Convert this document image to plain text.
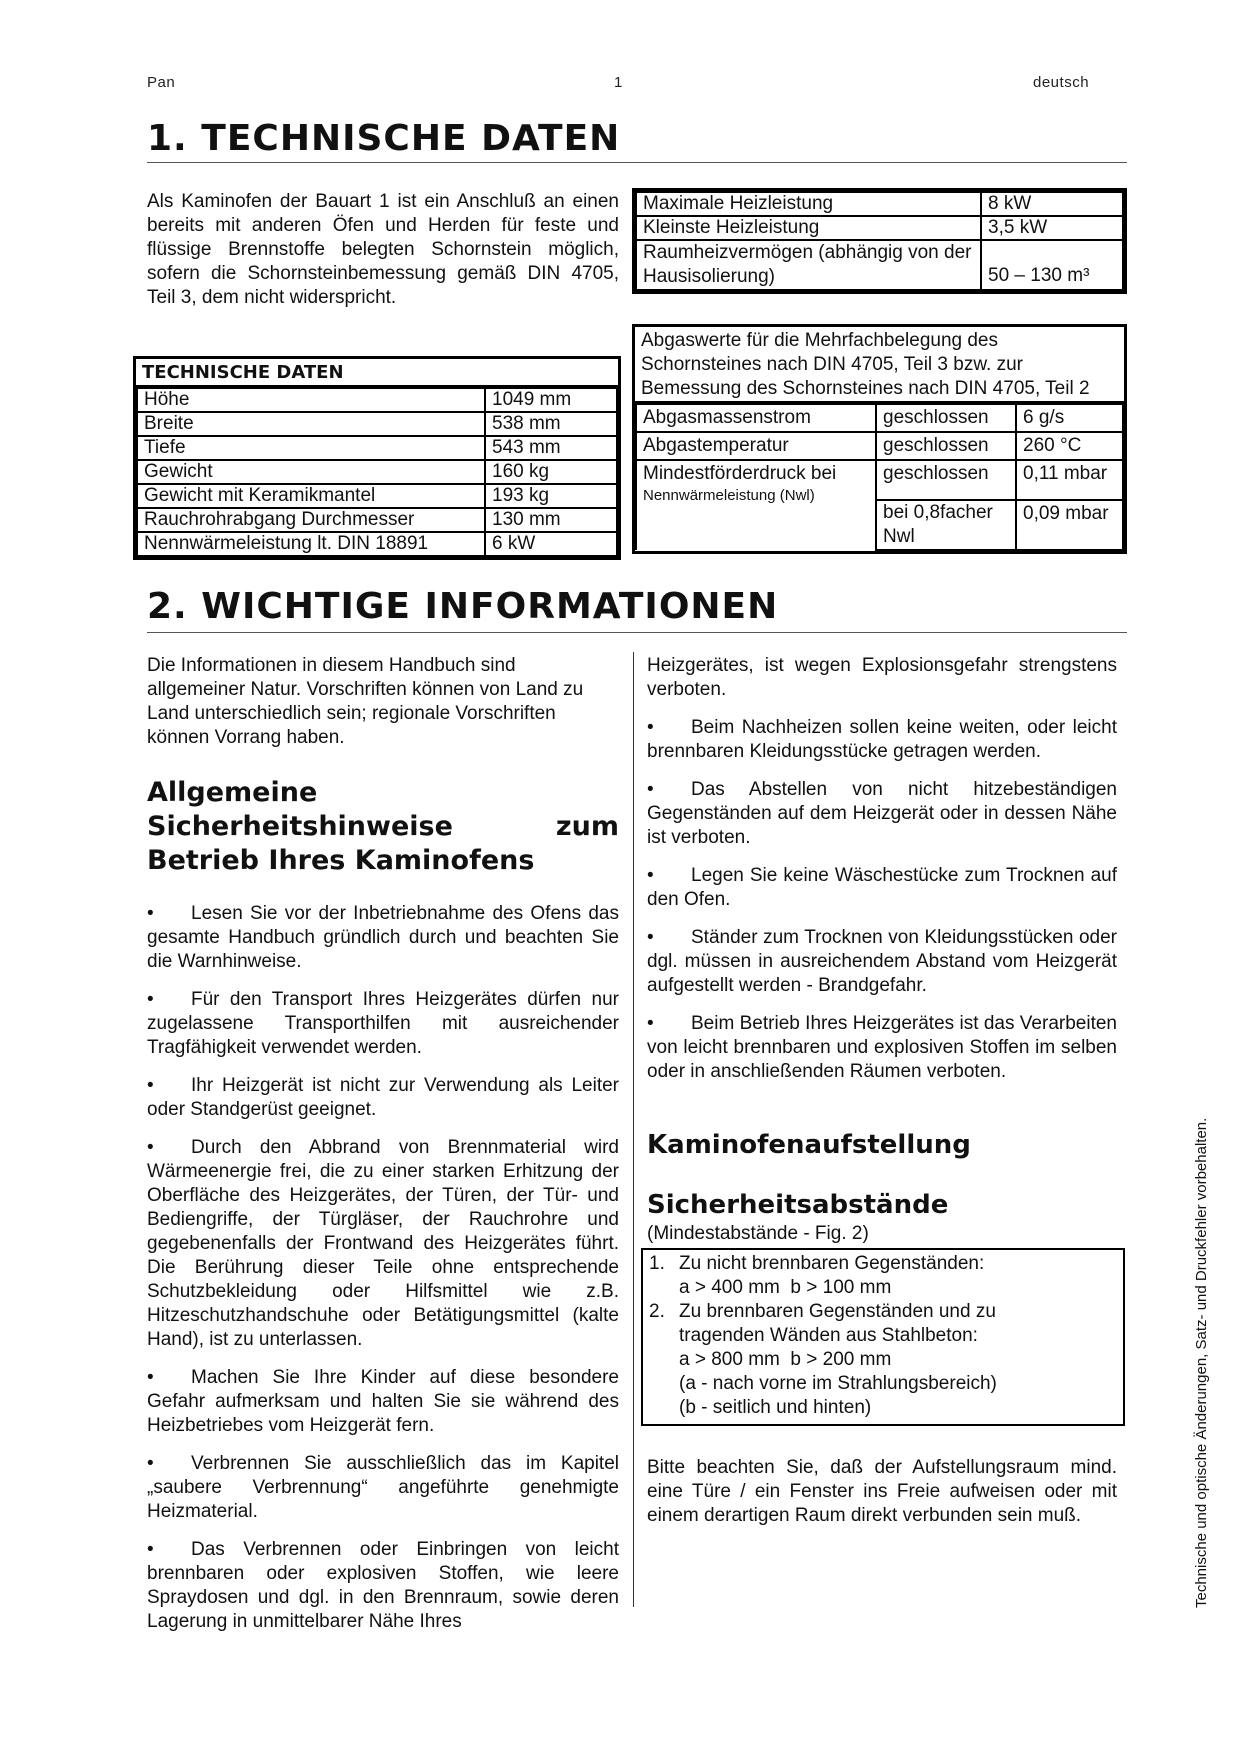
Pan	1	deutsch
1. TECHNISCHE DATEN
Als Kaminofen der Bauart 1 ist ein Anschluß an einen bereits mit anderen Öfen und Herden für feste und flüssige Brennstoffe belegten Schornstein möglich, sofern die Schornsteinbemessung gemäß DIN 4705, Teil 3, dem nicht widerspricht.
TECHNISCHE DATEN
Höhe	1049 mm
Breite	538 mm
Tiefe	543 mm
Gewicht	160 kg
Gewicht mit Keramikmantel	193 kg
Rauchrohrabgang Durchmesser	130 mm
Nennwärmeleistung lt. DIN 18891	6 kW
Maximale Heizleistung	8 kW
Kleinste Heizleistung	3,5 kW
Raumheizvermögen (abhängig von der Hausisolierung)	50 – 130 m³
Abgaswerte für die Mehrfachbelegung des Schornsteines nach DIN 4705, Teil 3 bzw. zur Bemessung des Schornsteines nach DIN 4705, Teil 2
Abgasmassenstrom	geschlossen	6 g/s

Abgastemperatur	geschlossen	260 °C

Mindestförderdruck bei
Nennwärmeleistung (Nwl)	geschlossen	0,11 mbar
	bei 0,8facher Nwl	0,09 mbar
2. WICHTIGE INFORMATIONEN
Die Informationen in diesem Handbuch sind allgemeiner Natur. Vorschriften können von Land zu Land unterschiedlich sein; regionale Vorschriften können Vorrang haben.
Allgemeine Sicherheitshinweise zum Betrieb Ihres Kaminofens
• Lesen Sie vor der Inbetriebnahme des Ofens das gesamte Handbuch gründlich durch und beachten Sie die Warnhinweise.
• Für den Transport Ihres Heizgerätes dürfen nur zugelassene Transporthilfen mit ausreichender Tragfähigkeit verwendet werden.
• Ihr Heizgerät ist nicht zur Verwendung als Leiter oder Standgerüst geeignet.
• Durch den Abbrand von Brennmaterial wird Wärmeenergie frei, die zu einer starken Erhitzung der Oberfläche des Heizgerätes, der Türen, der Tür- und Bediengriffe, der Türgläser, der Rauchrohre und gegebenenfalls der Frontwand des Heizgerätes führt. Die Berührung dieser Teile ohne entsprechende Schutzbekleidung oder Hilfsmittel wie z.B. Hitzeschutzhandschuhe oder Betätigungsmittel (kalte Hand), ist zu unterlassen.
• Machen Sie Ihre Kinder auf diese besondere Gefahr aufmerksam und halten Sie sie während des Heizbetriebes vom Heizgerät fern.
• Verbrennen Sie ausschließlich das im Kapitel „saubere Verbrennung“ angeführte genehmigte Heizmaterial.
• Das Verbrennen oder Einbringen von leicht brennbaren oder explosiven Stoffen, wie leere Spraydosen und dgl. in den Brennraum, sowie deren Lagerung in unmittelbarer Nähe Ihres
Heizgerätes, ist wegen Explosionsgefahr strengstens verboten.
• Beim Nachheizen sollen keine weiten, oder leicht brennbaren Kleidungsstücke getragen werden.
• Das Abstellen von nicht hitzebeständigen Gegenständen auf dem Heizgerät oder in dessen Nähe ist verboten.
• Legen Sie keine Wäschestücke zum Trocknen auf den Ofen.
• Ständer zum Trocknen von Kleidungsstücken oder dgl. müssen in ausreichendem Abstand vom Heizgerät aufgestellt werden - Brandgefahr.
• Beim Betrieb Ihres Heizgerätes ist das Verarbeiten von leicht brennbaren und explosiven Stoffen im selben oder in anschließenden Räumen verboten.
Kaminofenaufstellung
Sicherheitsabstände
(Mindestabstände - Fig. 2)
1. Zu nicht brennbaren Gegenständen:
a > 400 mm  b > 100 mm
2. Zu brennbaren Gegenständen und zu tragenden Wänden aus Stahlbeton:
a > 800 mm  b > 200 mm
(a - nach vorne im Strahlungsbereich)
(b - seitlich und hinten)
Bitte beachten Sie, daß der Aufstellungsraum mind. eine Türe / ein Fenster ins Freie aufweisen oder mit einem derartigen Raum direkt verbunden sein muß.	Technische und optische Änderungen, Satz- und Druckfehler vorbehalten.
